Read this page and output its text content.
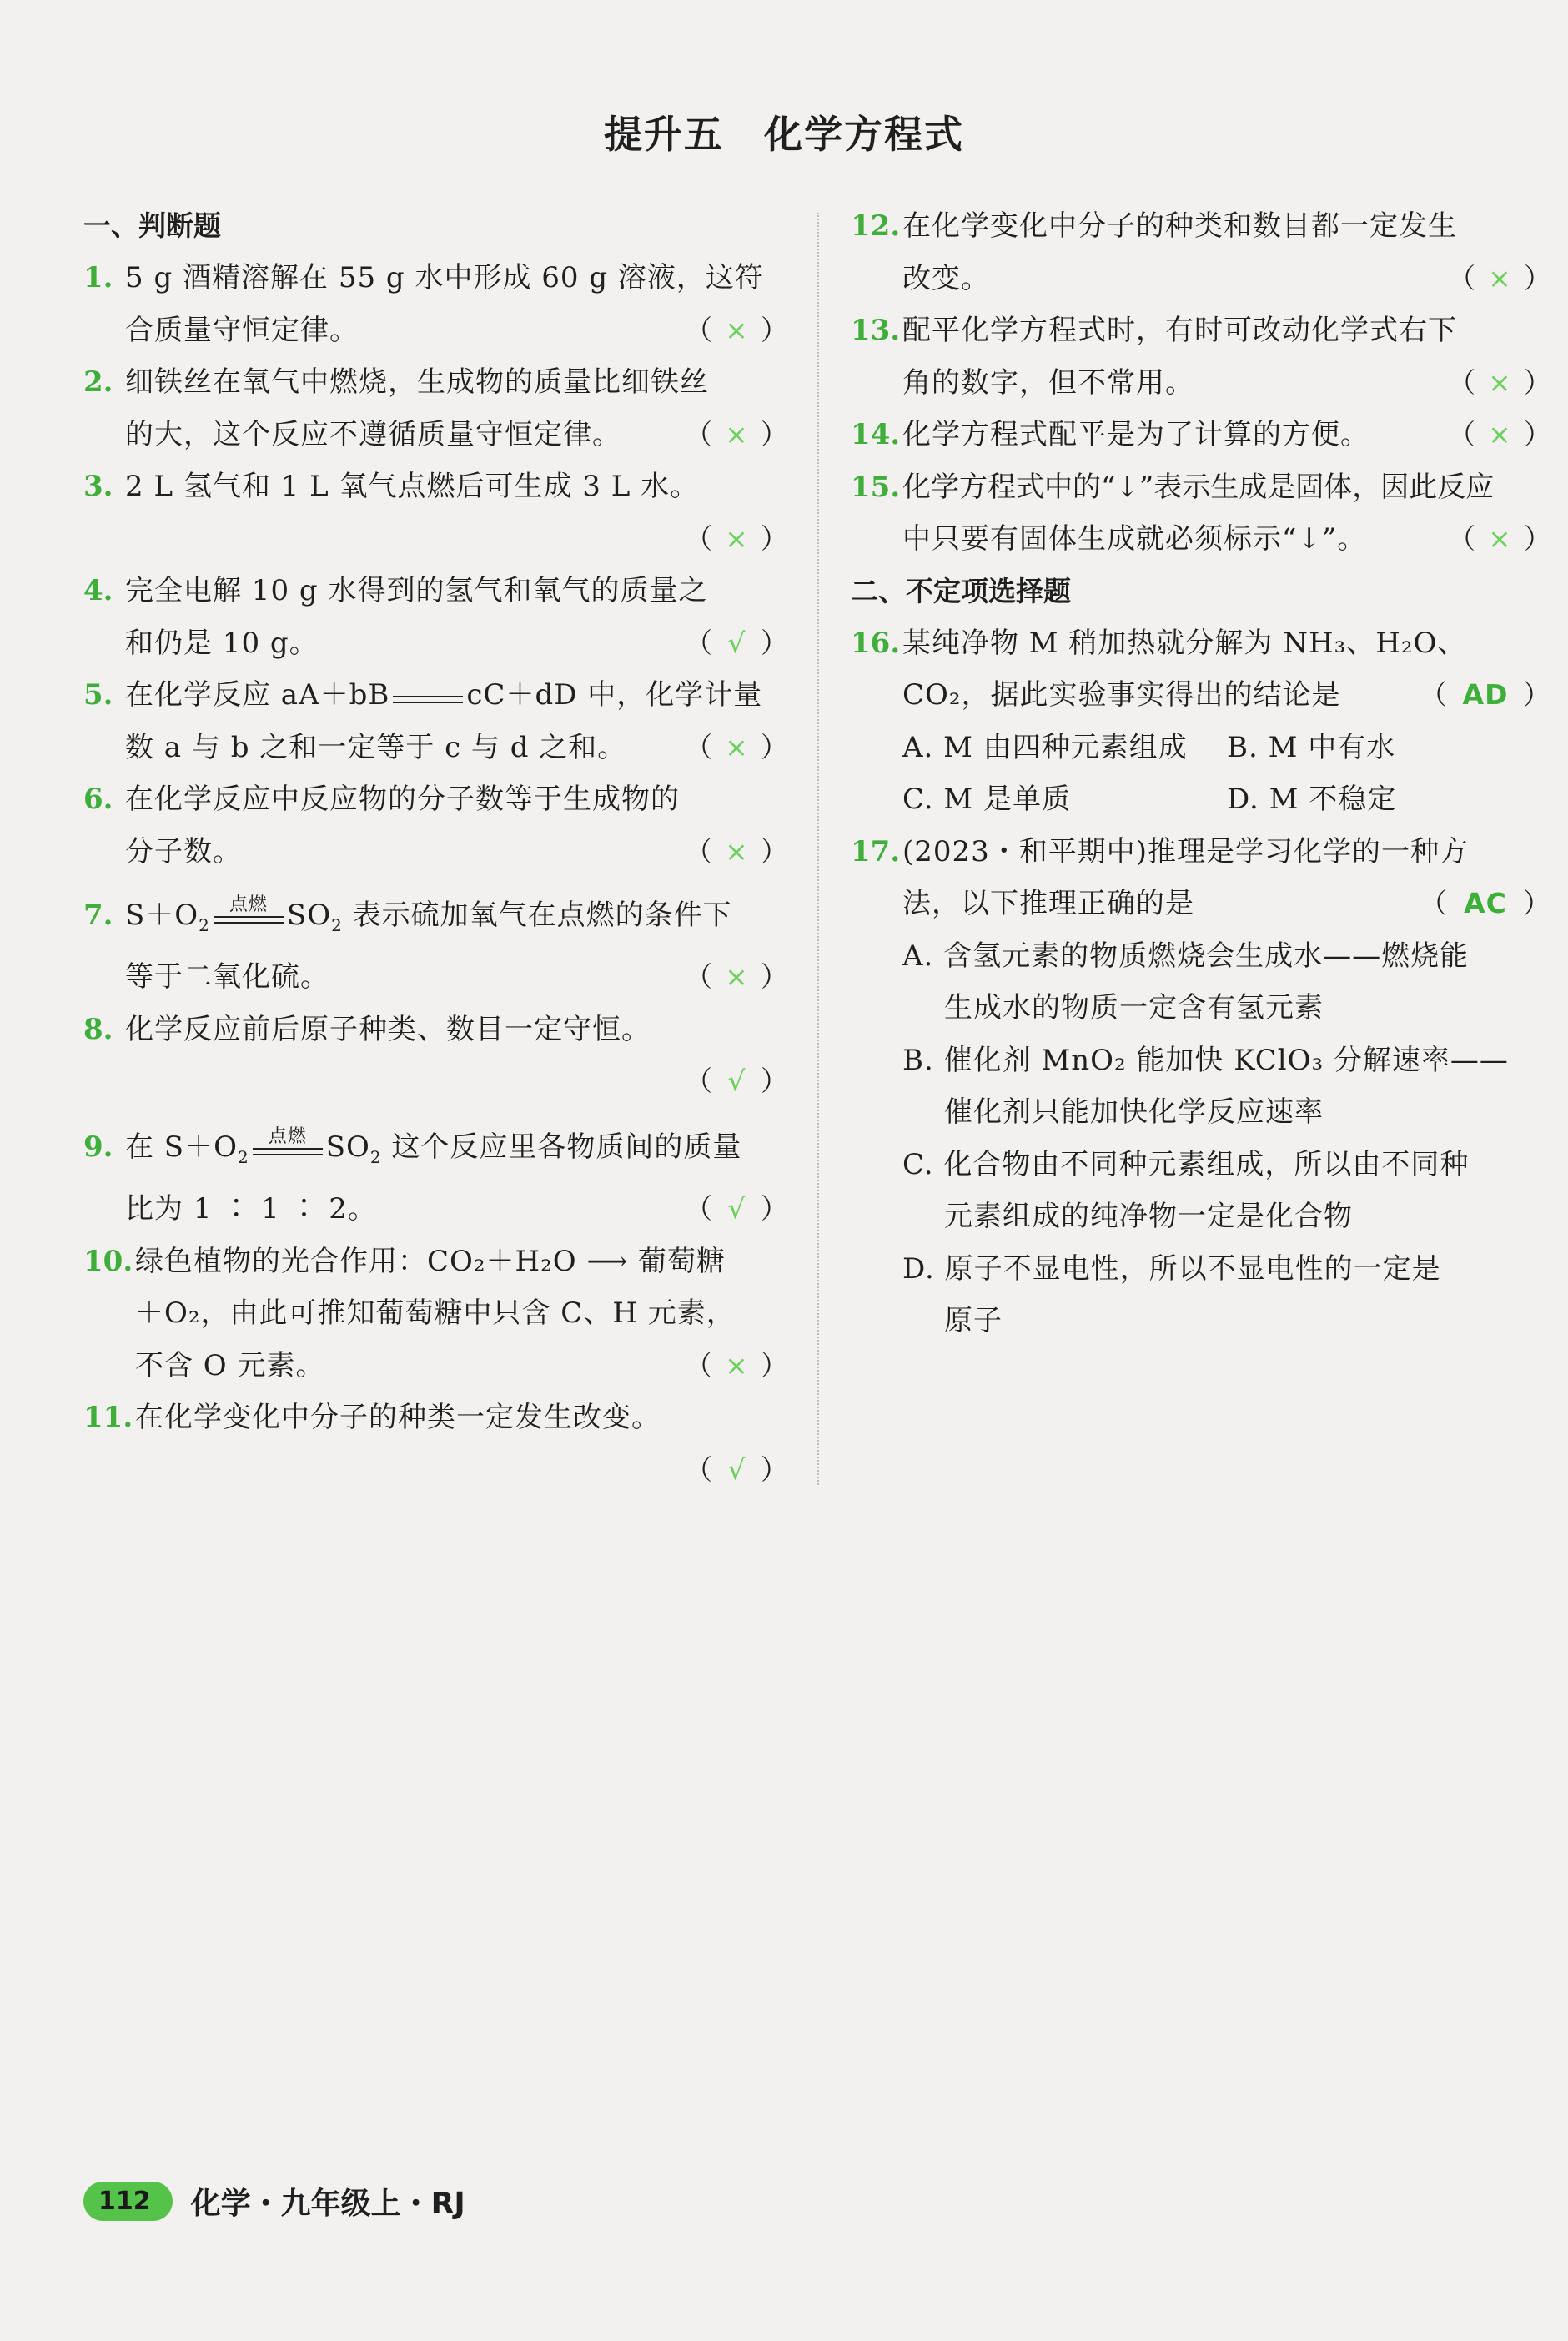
提升五 化学方程式
一、判断题
1. 5 g 酒精溶解在 55 g 水中形成 60 g 溶液，这符
合质量守恒定律。	（ × ）
2. 细铁丝在氧气中燃烧，生成物的质量比细铁丝
的大，这个反应不遵循质量守恒定律。	（ × ）
3. 2 L 氢气和 1 L 氧气点燃后可生成 3 L 水。

（ × ）
4. 完全电解 10 g 水得到的氢气和氧气的质量之
和仍是 10 g。	（ √ ）
5. 在化学反应 aA＋bB	cC＋dD 中，化学计量
数 a 与 b 之和一定等于 c 与 d 之和。	（ × ）
6. 在化学反应中反应物的分子数等于生成物的
分子数。	（ × ）
7. $S+O_2$
点燃 $SO_2$ 表示硫加氧气在点燃的条件下
等于二氧化硫。	（ × ）
8. 化学反应前后原子种类、数目一定守恒。

（ √ ）
9. 在 $S+O_2$
点燃 $SO_2$ 这个反应里各物质间的质量
比为 1 ∶ 1 ∶ 2。	（ √ ）
10. 绿色植物的光合作用：CO₂＋H₂O ⟶ 葡萄糖
＋O₂，由此可推知葡萄糖中只含 C、H 元素，
不含 O 元素。	（ × ）
11. 在化学变化中分子的种类一定发生改变。

（ √ ）
12. 在化学变化中分子的种类和数目都一定发生
改变。	（ × ）
13. 配平化学方程式时，有时可改动化学式右下
角的数字，但不常用。	（ × ）
14. 化学方程式配平是为了计算的方便。	（ × ）
15. 化学方程式中的“↓”表示生成是固体，因此反应
中只要有固体生成就必须标示“↓”。	（ × ）
二、不定项选择题
16. 某纯净物 M 稍加热就分解为 NH₃、H₂O、
CO₂，据此实验事实得出的结论是	（ AD ）
A. M 由四种元素组成	B. M 中有水
C. M 是单质	D. M 不稳定
17. (2023・和平期中)推理是学习化学的一种方
法，以下推理正确的是	（ AC ）
A. 含氢元素的物质燃烧会生成水——燃烧能
生成水的物质一定含有氢元素
B. 催化剂 MnO₂ 能加快 KClO₃ 分解速率——
催化剂只能加快化学反应速率
C. 化合物由不同种元素组成，所以由不同种
元素组成的纯净物一定是化合物
D. 原子不显电性，所以不显电性的一定是
原子
112	化学・九年级上・RJ
